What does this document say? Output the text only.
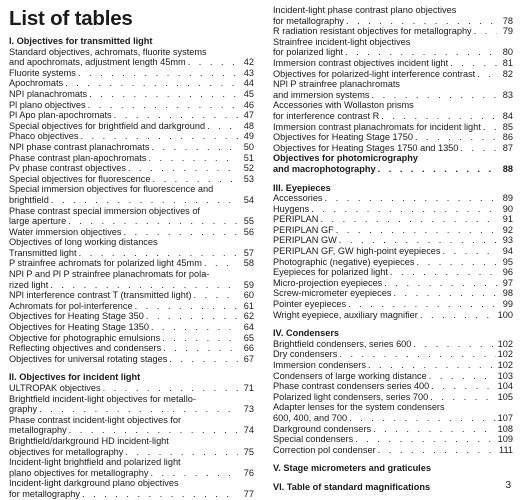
List of tables
I. Objectives for transmitted light
Standard objectives, achromats, fluorite systems
and apochromats, adjustment length 45mm . . .	42
Fluorite systems . . .	43
Apochromats . . .	44
NPI planachromats . . .	45
Pl plano objectives . . .	46
Pl Apo plan-apochromats . . .	47
Special objectives for brightfield and darkground . . .	48
Phaco objectives . . .	49
NPl phase contrast planachromats . . .	50
Phase contrast plan-apochromats . . .	51
Pv phase contrast objectives . . .	52
Special objectives for fluorescence . . .	53
Special immersion objectives for fluorescence and
brightfield . . .	54
Phase contrast special immersion objectives of
large aperture . . .	55
Water immersion objectives . . .	56
Objectives of long working distances
Transmitted light . . .	57
P strainfree achromats for polarized light 45mm . . .	58
NPl P and Pl P strainfree planachromats for pola-
rized light . . .	59
NPl interference contrast T (transmitted light) . . .	60
Achromats for pol-interference . . .	61
Objectives for Heating Stage 350 . . .	62
Objectives for Heating Stage 1350 . . .	64
Objective for photographic emulsions . . .	65
Reflecting objectives and condensers . . .	66
Objectives for universal rotating stages . . .	67
II. Objectives for incident light
ULTROPAK objectives . . .	71
Brightfield incident-light objectives for metallo-
graphy . . .	73
Phase contrast incident-light objectives for
metallography . . .	74
Brightfield/darkground HD incident-light
objectives for metallography . . .	75
Incident-light brightfield and polarized light
plano objectives for metallography . . .	76
Incident-light darkground plano objectives
for metallography . . .	77
Incident-light phase contrast plano objectives
for metallography . . .	78
R radiation resistant objectives for metallography . . .	79
Strainfree incident-light objectives
for polarized light . . .	80
Immersion contrast objectives incident light . . .	81
Objectives for polarized-light interference contrast . . .	82
NPl P strainfree planachromats
and immersion systems . . .	83
Accessories with Wollaston prisms
for interference contrast R . . .	84
Immersion contrast planachromats for incident light . . .	85
Objectives for Heating Stage 1750 . . .	86
Objectives for Heating Stages 1750 and 1350 . . .	87
Objectives for photomicrography
and macrophotography . . .	88
III. Eyepieces
Accessories . . .	89
Huygens . . .	90
PERIPLAN . . .	91
PERIPLAN GF . . .	92
PERIPLAN GW . . .	93
PERIPLAN GF, GW high-point eyepieces . . .	94
Photographic (negative) eyepieces . . .	95
Eyepieces for polarized light . . .	96
Micro-projection eyepieces . . .	97
Screw-micrometer eyepieces . . .	98
Pointer eyepieces . . .	99
Wright eyepiece, auxiliary magnifier . . .	100
IV. Condensers
Brightfield condensers, series 600 . . .	102
Dry condensers . . .	102
Immersion condensers . . .	102
Condensers of large working distance . . .	103
Phase contrast condensers series 400 . . .	104
Polarized light condensers, series 700 . . .	105
Adapter lenses for the system condensers
600, 400, and 700 . . .	107
Darkground condensers . . .	108
Special condensers . . .	109
Correction pol condenser . . .	111
V. Stage micrometers and graticules
VI. Table of standard magnifications	3
